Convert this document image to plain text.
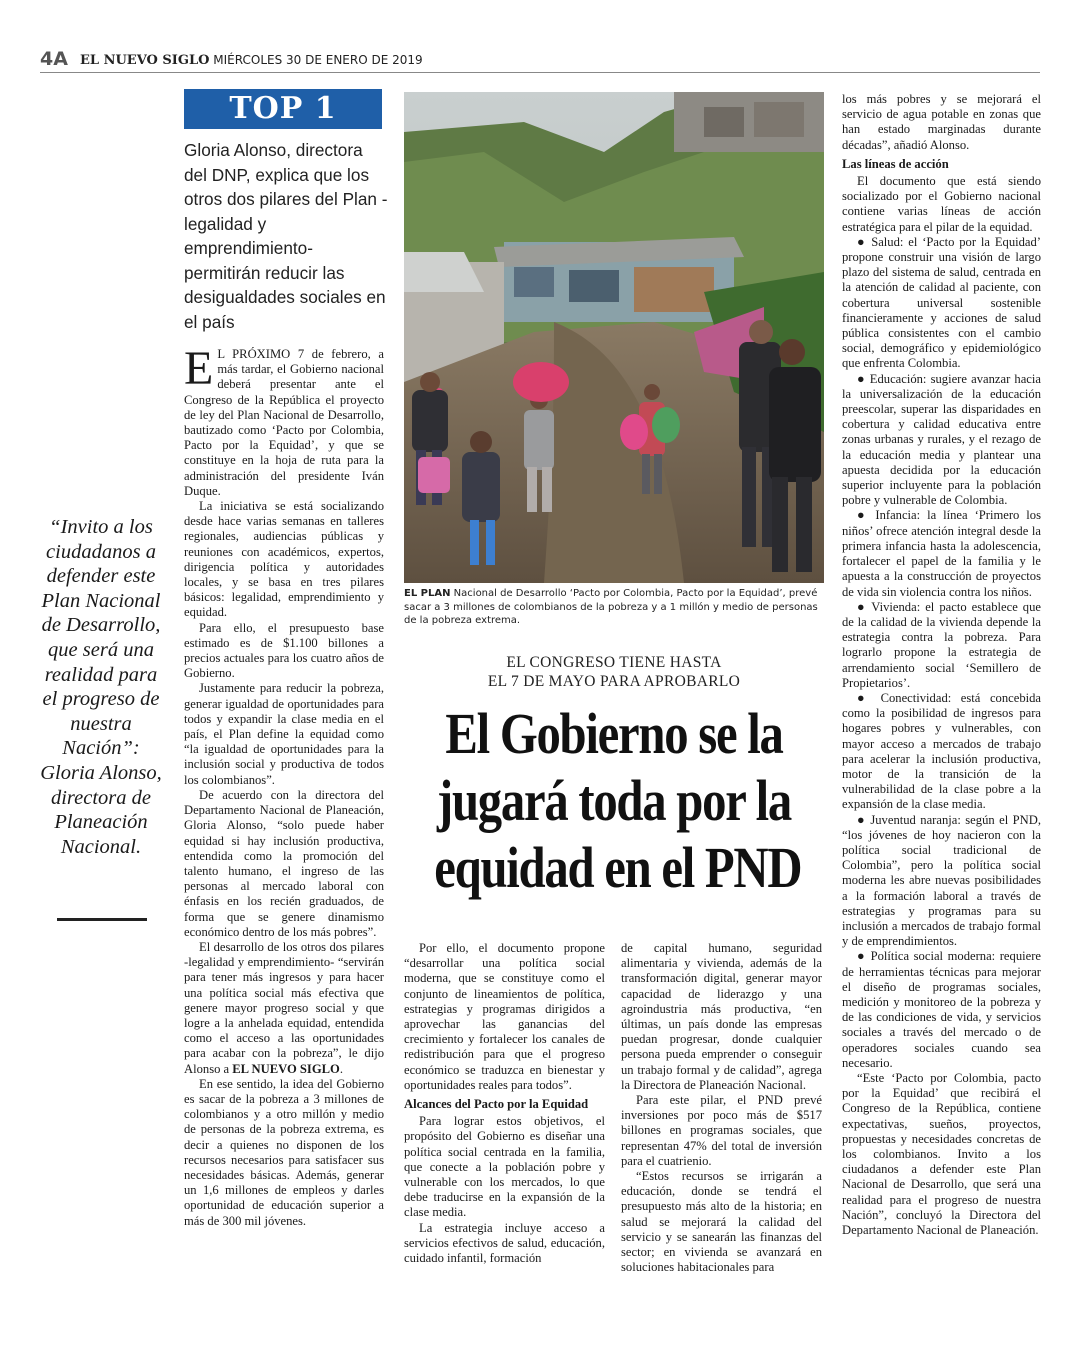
4A EL NUEVO SIGLO MIÉRCOLES 30 DE ENERO DE 2019
TOP 1
Gloria Alonso, directora del DNP, explica que los otros dos pilares del Plan -legalidad y emprendimiento- permitirán reducir las desigualdades sociales en el país
“Invito a los ciudadanos a defender este Plan Nacional de Desarrollo, que será una realidad para el progreso de nuestra Nación”: Gloria Alonso, directora de Planeación Nacional.

E L PRÓXIMO 7 de febrero, a más tardar, el Gobierno nacional deberá presentar ante el Congreso de la República el proyecto de ley del Plan Nacional de Desarrollo, bautizado como ‘Pacto por Colombia, Pacto por la Equidad’, y que se constituye en la hoja de ruta para la administración del presidente Iván Duque.

La iniciativa se está socializando desde hace varias semanas en talleres regionales, audiencias públicas y reuniones con académicos, expertos, dirigencia política y autoridades locales, y se basa en tres pilares básicos: legalidad, emprendimiento y equidad.

Para ello, el presupuesto base estimado es de $1.100 billones a precios actuales para los cuatro años de Gobierno.

Justamente para reducir la pobreza, generar igualdad de oportunidades para todos y expandir la clase media en el país, el Plan define la equidad como “la igualdad de oportunidades para la inclusión social y productiva de todos los colombianos”.

De acuerdo con la directora del Departamento Nacional de Planeación, Gloria Alonso, “solo puede haber equidad si hay inclusión productiva, entendida como la promoción del talento humano, el ingreso de las personas al mercado laboral con énfasis en los recién graduados, de forma que se genere dinamismo económico dentro de los más pobres”.

El desarrollo de los otros dos pilares -legalidad y emprendimiento- “servirán para tener más ingresos y para hacer una política social más efectiva que genere mayor progreso social y que logre a la anhelada equidad, entendida como el acceso a las oportunidades para acabar con la pobreza”, le dijo Alonso a EL NUEVO SIGLO.

En ese sentido, la idea del Gobierno es sacar de la pobreza a 3 millones de colombianos y a otro millón y medio de personas de la pobreza extrema, es decir a quienes no disponen de los recursos necesarios para satisfacer sus necesidades básicas. Además, generar un 1,6 millones de empleos y darles oportunidad de educación superior a más de 300 mil jóvenes.

EL PLAN Nacional de Desarrollo ‘Pacto por Colombia, Pacto por la Equidad’, prevé sacar a 3 millones de colombianos de la pobreza y a 1 millón y medio de personas de la pobreza extrema.
EL CONGRESO TIENE HASTA
EL 7 DE MAYO PARA APROBARLO
El Gobierno se la
jugará toda por la
equidad en el PND

Por ello, el documento propone “desarrollar una política social moderna, que se constituye como el conjunto de lineamientos de política, estrategias y programas dirigidos a aprovechar las ganancias del crecimiento y fortalecer los canales de redistribución para que el progreso económico se traduzca en bienestar y oportunidades reales para todos”.

Alcances del Pacto por la Equidad

Para lograr estos objetivos, el propósito del Gobierno es diseñar una política social centrada en la familia, que conecte a la población pobre y vulnerable con los mercados, lo que debe traducirse en la expansión de la clase media.

La estrategia incluye acceso a servicios efectivos de salud, educación, cuidado infantil, formación

de capital humano, seguridad alimentaria y vivienda, además de la transformación digital, generar mayor capacidad de liderazgo y una agroindustria más productiva, “en últimas, un país donde las empresas puedan progresar, donde cualquier persona pueda emprender o conseguir un trabajo formal y de calidad”, agrega la Directora de Planeación Nacional.

Para este pilar, el PND prevé inversiones por poco más de $517 billones en programas sociales, que representan 47% del total de inversión para el cuatrienio.

“Estos recursos se irrigarán a educación, donde se tendrá el presupuesto más alto de la historia; en salud se mejorará la calidad del servicio y se sanearán las finanzas del sector; en vivienda se avanzará en soluciones habitacionales para

los más pobres y se mejorará el servicio de agua potable en zonas que han estado marginadas durante décadas”, añadió Alonso.

Las líneas de acción

El documento que está siendo socializado por el Gobierno nacional contiene varias líneas de acción estratégica para el pilar de la equidad.

● Salud: el ‘Pacto por la Equidad’ propone construir una visión de largo plazo del sistema de salud, centrada en la atención de calidad al paciente, con cobertura universal sostenible financieramente y acciones de salud pública consistentes con el cambio social, demográfico y epidemiológico que enfrenta Colombia.

● Educación: sugiere avanzar hacia la universalización de la educación preescolar, superar las disparidades en cobertura y calidad educativa entre zonas urbanas y rurales, y el rezago de la educación media y plantear una apuesta decidida por la educación superior incluyente para la población pobre y vulnerable de Colombia.

● Infancia: la línea ‘Primero los niños’ ofrece atención integral desde la primera infancia hasta la adolescencia, fortalecer el papel de la familia y le apuesta a la construcción de proyectos de vida sin violencia contra los niños.

● Vivienda: el pacto establece que de la calidad de la vivienda depende la estrategia contra la pobreza. Para lograrlo propone la estrategia de arrendamiento social ‘Semillero de Propietarios’.

● Conectividad: está concebida como la posibilidad de ingresos para hogares pobres y vulnerables, con mayor acceso a mercados de trabajo para acelerar la inclusión productiva, motor de la transición de la vulnerabilidad de la clase pobre a la expansión de la clase media.

● Juventud naranja: según el PND, “los jóvenes de hoy nacieron con la política social tradicional de Colombia”, pero la política social moderna les abre nuevas posibilidades a la formación laboral a través de estrategias y programas para su inclusión a mercados de trabajo formal y de emprendimientos.

● Política social moderna: requiere de herramientas técnicas para mejorar el diseño de programas sociales, medición y monitoreo de la pobreza y de las condiciones de vida, y servicios sociales a través del mercado o de operadores sociales cuando sea necesario.

“Este ‘Pacto por Colombia, pacto por la Equidad’ que recibirá el Congreso de la República, contiene expectativas, sueños, proyectos, propuestas y necesidades concretas de los colombianos. Invito a los ciudadanos a defender este Plan Nacional de Desarrollo, que será una realidad para el progreso de nuestra Nación”, concluyó la Directora del Departamento Nacional de Planeación.
